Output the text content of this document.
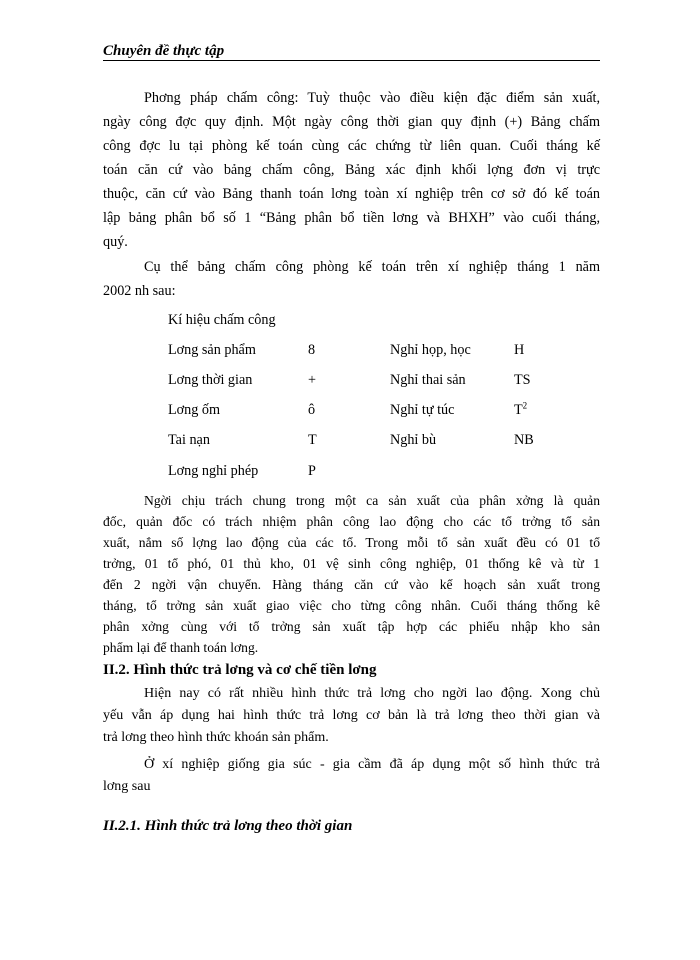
Chuyên đề thực tập
Phơng pháp chấm công: Tuỳ thuộc vào điều kiện đặc điểm sản xuất,
ngày công đợc quy định. Một ngày công thời gian quy định (+) Bảng chấm
công đợc lu tại phòng kế toán cùng các chứng từ liên quan. Cuối tháng kế
toán căn cứ vào bảng chấm công, Bảng xác định khối lợng đơn vị trực
thuộc, căn cứ vào Bảng thanh toán lơng toàn xí nghiệp trên cơ sở đó kế toán
lập bảng phân bổ số 1 “Bảng phân bổ tiền lơng và BHXH” vào cuối tháng,
quý.
Cụ thể bảng chấm công phòng kế toán trên xí nghiệp tháng 1 năm
2002 nh sau:
Kí hiệu chấm công
Lơng sản phẩm	8	Nghỉ họp, học	H
Lơng thời gian	+	Nghỉ thai sản	TS
Lơng ốm	ô	Nghỉ tự túc	$T^2$
Tai nạn	T	Nghỉ bù	NB
Lơng nghỉ phép	P
Ngời chịu trách chung trong một ca sản xuất của phân xởng là quản
đốc, quản đốc có trách nhiệm phân công lao động cho các tổ trởng tổ sản
xuất, nắm số lợng lao động của các tổ. Trong mỗi tổ sản xuất đều có 01 tổ
trởng, 01 tổ phó, 01 thủ kho, 01 vệ sinh công nghiệp, 01 thống kê và từ 1
đến 2 ngời vận chuyển. Hàng tháng căn cứ vào kế hoạch sản xuất trong
tháng, tổ trởng sản xuất giao việc cho từng công nhân. Cuối tháng thống kê
phân xởng cùng với tổ trởng sản xuất tập hợp các phiếu nhập kho sản
phẩm lại để thanh toán lơng.
II.2. Hình thức trả lơng và cơ chế tiền lơng
Hiện nay có rất nhiều hình thức trả lơng cho ngời lao động. Xong chủ
yếu vẫn áp dụng hai hình thức trả lơng cơ bản là trả lơng theo thời gian và
trả lơng theo hình thức khoán sản phẩm.
Ở xí nghiệp giống gia súc - gia cầm đã áp dụng một số hình thức trả
lơng sau
II.2.1. Hình thức trả lơng theo thời gian
